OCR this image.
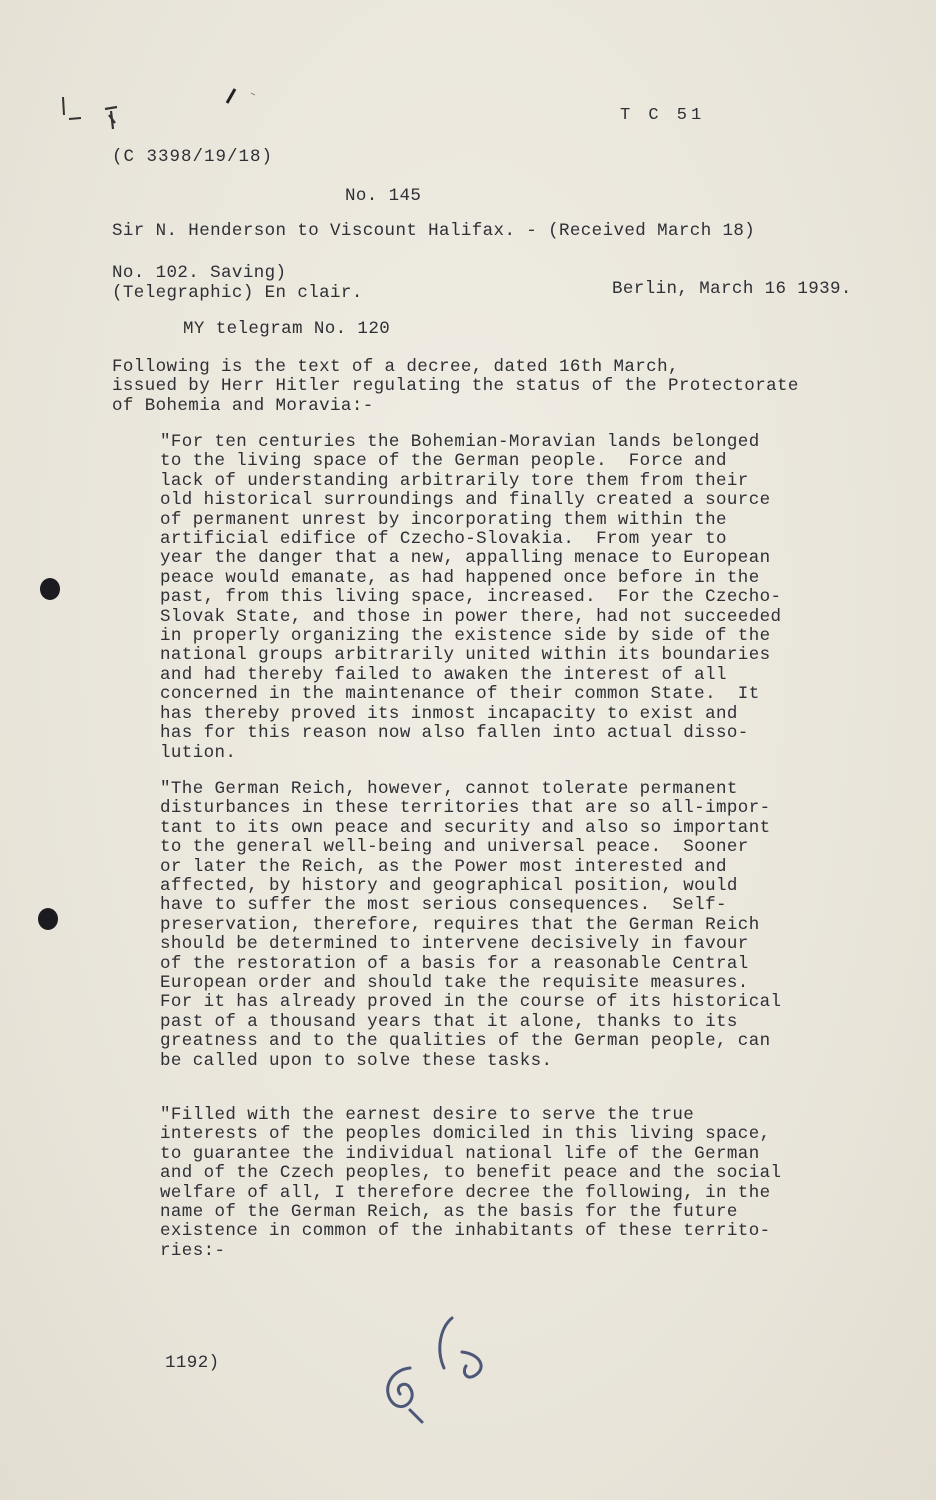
T C 51
(C 3398/19/18)
No. 145
Sir N. Henderson to Viscount Halifax. - (Received March 18)
No. 102. Saving)
(Telegraphic) En clair.	Berlin, March 16 1939.
MY telegram No. 120
Following is the text of a decree, dated 16th March,
issued by Herr Hitler regulating the status of the Protectorate
of Bohemia and Moravia:-
"For ten centuries the Bohemian-Moravian lands belonged
to the living space of the German people.  Force and
lack of understanding arbitrarily tore them from their
old historical surroundings and finally created a source
of permanent unrest by incorporating them within the
artificial edifice of Czecho-Slovakia.  From year to
year the danger that a new, appalling menace to European
peace would emanate, as had happened once before in the
past, from this living space, increased.  For the Czecho-
Slovak State, and those in power there, had not succeeded
in properly organizing the existence side by side of the
national groups arbitrarily united within its boundaries
and had thereby failed to awaken the interest of all
concerned in the maintenance of their common State.  It
has thereby proved its inmost incapacity to exist and
has for this reason now also fallen into actual disso-
lution.
"The German Reich, however, cannot tolerate permanent
disturbances in these territories that are so all-impor-
tant to its own peace and security and also so important
to the general well-being and universal peace.  Sooner
or later the Reich, as the Power most interested and
affected, by history and geographical position, would
have to suffer the most serious consequences.  Self-
preservation, therefore, requires that the German Reich
should be determined to intervene decisively in favour
of the restoration of a basis for a reasonable Central
European order and should take the requisite measures.
For it has already proved in the course of its historical
past of a thousand years that it alone, thanks to its
greatness and to the qualities of the German people, can
be called upon to solve these tasks.
"Filled with the earnest desire to serve the true
interests of the peoples domiciled in this living space,
to guarantee the individual national life of the German
and of the Czech peoples, to benefit peace and the social
welfare of all, I therefore decree the following, in the
name of the German Reich, as the basis for the future
existence in common of the inhabitants of these territo-
ries:-
1192)
